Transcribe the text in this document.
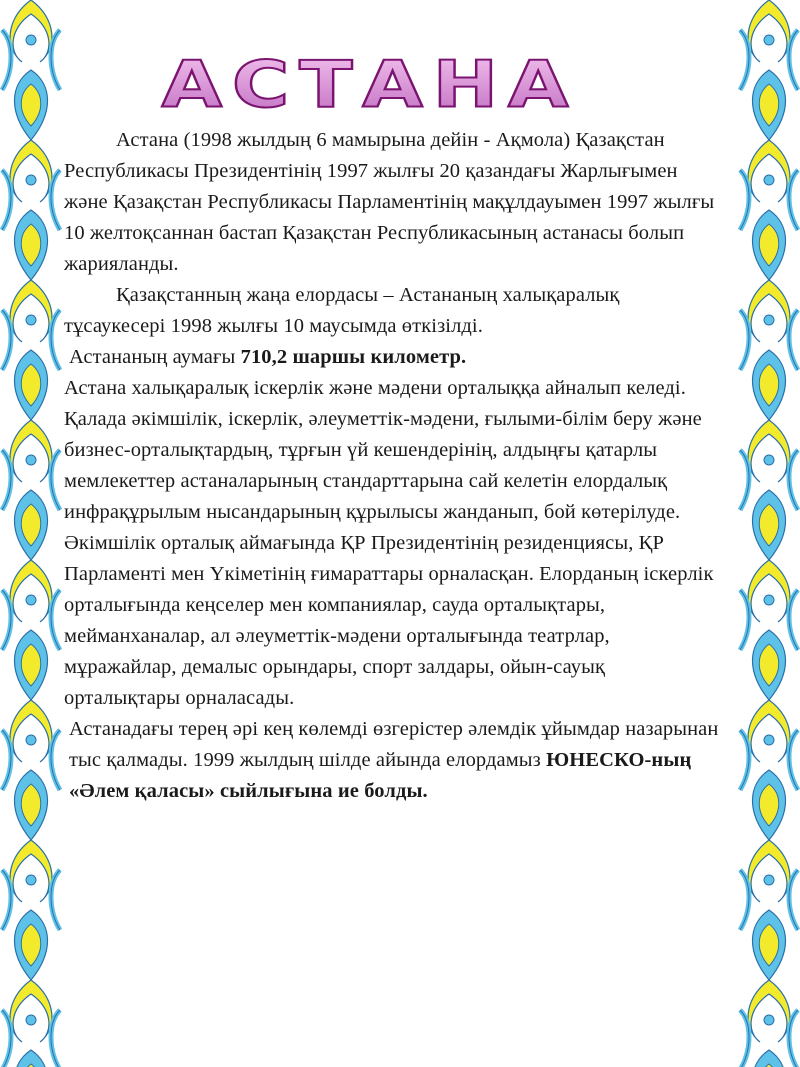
АСТАНА

Астана (1998 жылдың 6 мамырына дейін - Ақмола) Қазақстан Республикасы Президентінің 1997 жылғы 20 қазандағы Жарлығымен және Қазақстан Республикасы Парламентінің мақұлдауымен 1997 жылғы 10 желтоқсаннан бастап Қазақстан Республикасының астанасы болып жарияланды.

Қазақстанның жаңа елордасы – Астананың халықаралық тұсаукесері 1998 жылғы 10 маусымда өткізілді.

Астананың аумағы 710,2 шаршы километр.

Астана халықаралық іскерлік және мәдени орталыққа айналып келеді. Қалада әкімшілік, іскерлік, әлеуметтік-мәдени, ғылыми-білім беру және бизнес-орталықтардың, тұрғын үй кешендерінің, алдыңғы қатарлы мемлекеттер астаналарының стандарттарына сай келетін елордалық инфрақұрылым нысандарының құрылысы жанданып, бой көтерілуде. Әкімшілік орталық аймағында ҚР Президентінің резиденциясы, ҚР Парламенті мен Үкіметінің ғимараттары орналасқан. Елорданың іскерлік орталығында кеңселер мен компаниялар, сауда орталықтары, мейманханалар, ал әлеуметтік-мәдени орталығында театрлар, мұражайлар, демалыс орындары, спорт залдары, ойын-сауық орталықтары орналасады.

Астанадағы терең әрі кең көлемді өзгерістер әлемдік ұйымдар назарынан тыс қалмады. 1999 жылдың шілде айында елордамыз ЮНЕСКО-ның «Әлем қаласы» сыйлығына ие болды.
